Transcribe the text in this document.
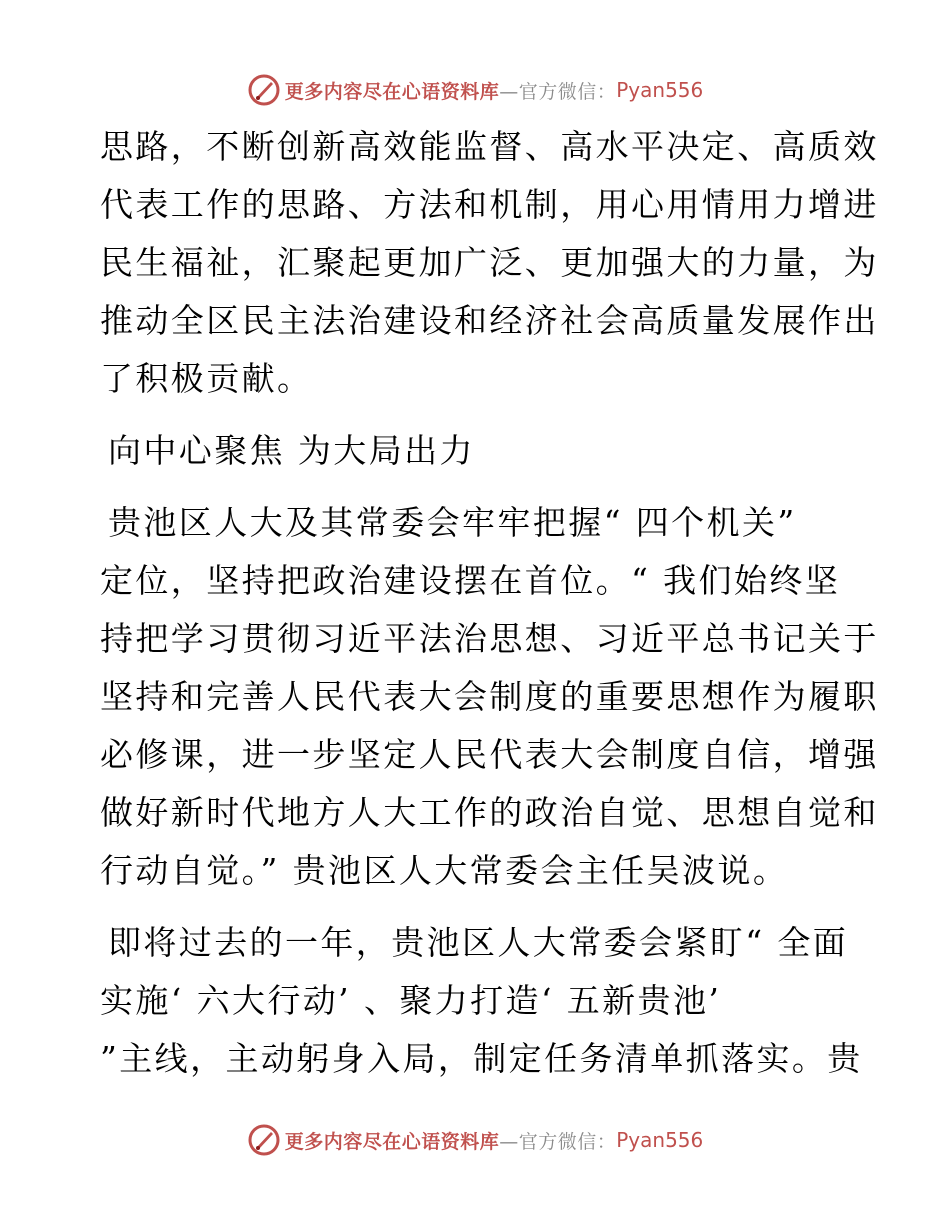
更多内容尽在心语资料库 —官方微信： Pyan556
思路，不断创新高效能监督、高水平决定、高质效
代表工作的思路、方法和机制，用心用情用力增进
民生福祉，汇聚起更加广泛、更加强大的力量，为
推动全区民主法治建设和经济社会高质量发展作出
了积极贡献。
向中心聚焦 为大局出力
贵池区人大及其常委会牢牢把握“ 四个机关”
定位，坚持把政治建设摆在首位。“ 我们始终坚
持把学习贯彻习近平法治思想、习近平总书记关于
坚持和完善人民代表大会制度的重要思想作为履职
必修课，进一步坚定人民代表大会制度自信，增强
做好新时代地方人大工作的政治自觉、思想自觉和
行动自觉。” 贵池区人大常委会主任吴波说。
即将过去的一年，贵池区人大常委会紧盯“ 全面
实施‘ 六大行动’ 、聚力打造‘ 五新贵池’
”主线，主动躬身入局，制定任务清单抓落实。贵
更多内容尽在心语资料库 —官方微信： Pyan556
